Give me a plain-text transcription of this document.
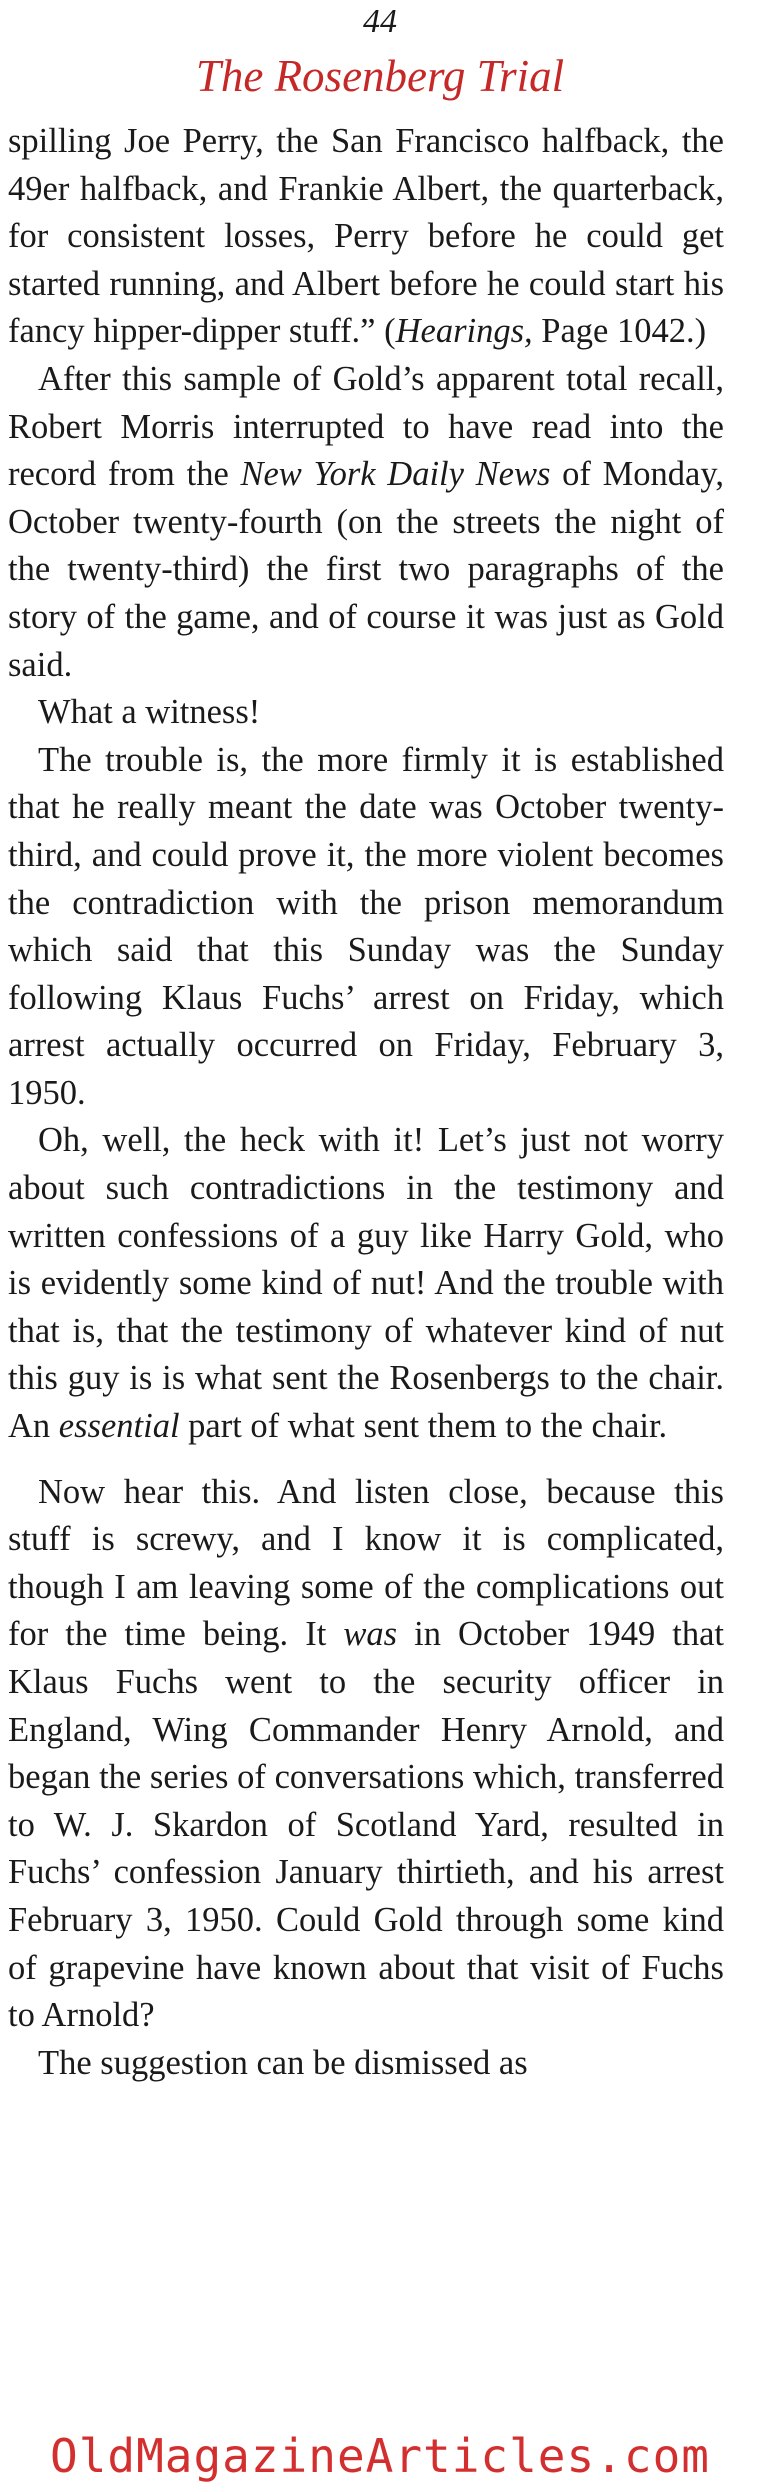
44
The Rosenberg Trial

spilling Joe Perry, the San Francisco halfback, the 49er halfback, and Frankie Albert, the quarterback, for consistent losses, Perry before he could get started running, and Albert before he could start his fancy hipper-dipper stuff.” (Hearings, Page 1042.)

After this sample of Gold’s apparent total recall, Robert Morris interrupted to have read into the record from the New York Daily News of Monday, October twenty-fourth (on the streets the night of the twenty-third) the first two paragraphs of the story of the game, and of course it was just as Gold said.

What a witness!

The trouble is, the more firmly it is established that he really meant the date was October twenty-third, and could prove it, the more violent becomes the contradiction with the prison memorandum which said that this Sunday was the Sunday following Klaus Fuchs’ arrest on Friday, which arrest actually occurred on Friday, February 3, 1950.

Oh, well, the heck with it! Let’s just not worry about such contradictions in the testimony and written confessions of a guy like Harry Gold, who is evidently some kind of nut! And the trouble with that is, that the testimony of whatever kind of nut this guy is is what sent the Rosenbergs to the chair. An essential part of what sent them to the chair.

Now hear this. And listen close, because this stuff is screwy, and I know it is complicated, though I am leaving some of the complications out for the time being. It was in October 1949 that Klaus Fuchs went to the security officer in England, Wing Commander Henry Arnold, and began the series of conversations which, transferred to W. J. Skardon of Scotland Yard, resulted in Fuchs’ confession January thirtieth, and his arrest February 3, 1950. Could Gold through some kind of grapevine have known about that visit of Fuchs to Arnold?

The suggestion can be dismissed as

OldMagazineArticles.com
